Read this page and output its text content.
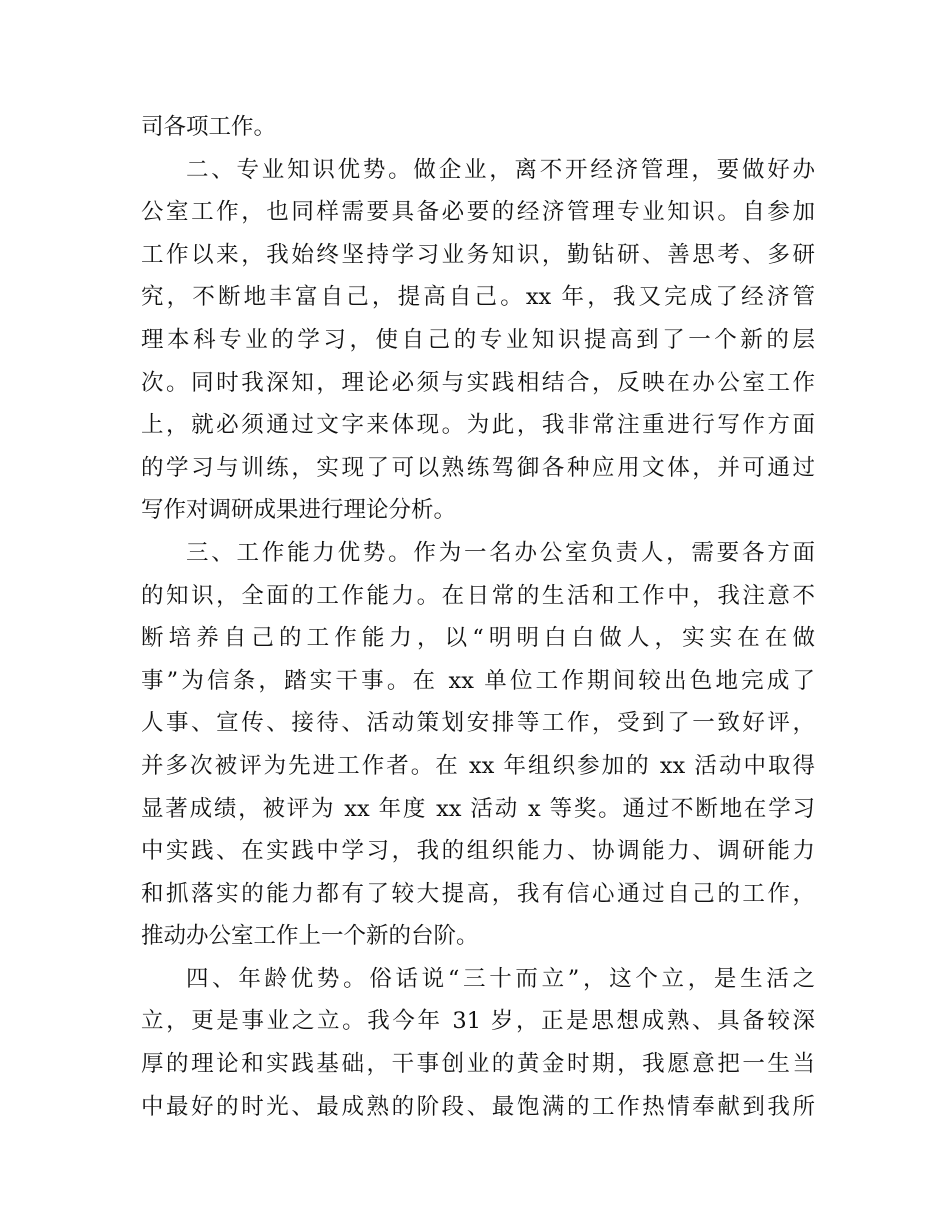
司各项工作。
二、专业知识优势。做企业，离不开经济管理，要做好办
公室工作，也同样需要具备必要的经济管理专业知识。自参加
工作以来，我始终坚持学习业务知识，勤钻研、善思考、多研
究，不断地丰富自己，提高自己。xx 年，我又完成了经济管
理本科专业的学习，使自己的专业知识提高到了一个新的层
次。同时我深知，理论必须与实践相结合，反映在办公室工作
上，就必须通过文字来体现。为此，我非常注重进行写作方面
的学习与训练，实现了可以熟练驾御各种应用文体，并可通过
写作对调研成果进行理论分析。
三、工作能力优势。作为一名办公室负责人，需要各方面
的知识，全面的工作能力。在日常的生活和工作中，我注意不
断培养自己的工作能力，以“明明白白做人，实实在在做
事”为信条，踏实干事。在 xx 单位工作期间较出色地完成了
人事、宣传、接待、活动策划安排等工作，受到了一致好评，
并多次被评为先进工作者。在 xx 年组织参加的 xx 活动中取得
显著成绩，被评为 xx 年度 xx 活动 x 等奖。通过不断地在学习
中实践、在实践中学习，我的组织能力、协调能力、调研能力
和抓落实的能力都有了较大提高，我有信心通过自己的工作，
推动办公室工作上一个新的台阶。
四、年龄优势。俗话说“三十而立”，这个立，是生活之
立，更是事业之立。我今年 31 岁，正是思想成熟、具备较深
厚的理论和实践基础，干事创业的黄金时期，我愿意把一生当
中最好的时光、最成熟的阶段、最饱满的工作热情奉献到我所
